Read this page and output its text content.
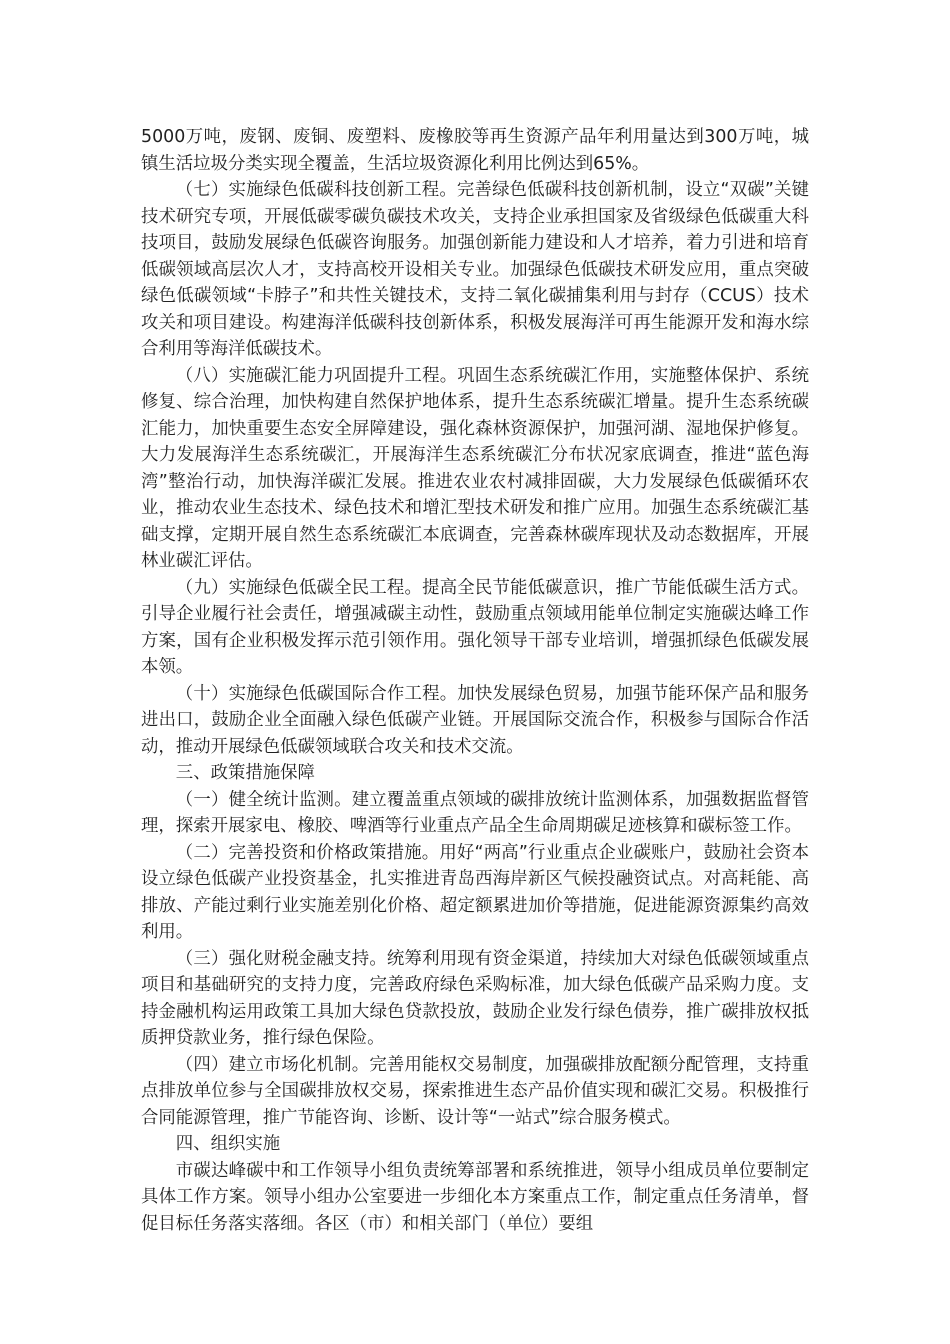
5000万吨，废钢、废铜、废塑料、废橡胶等再生资源产品年利用量达到300万吨，城镇生活垃圾分类实现全覆盖，生活垃圾资源化利用比例达到65%。

（七）实施绿色低碳科技创新工程。完善绿色低碳科技创新机制，设立“双碳”关键技术研究专项，开展低碳零碳负碳技术攻关，支持企业承担国家及省级绿色低碳重大科技项目，鼓励发展绿色低碳咨询服务。加强创新能力建设和人才培养，着力引进和培育低碳领域高层次人才，支持高校开设相关专业。加强绿色低碳技术研发应用，重点突破绿色低碳领域“卡脖子”和共性关键技术，支持二氧化碳捕集利用与封存（CCUS）技术攻关和项目建设。构建海洋低碳科技创新体系，积极发展海洋可再生能源开发和海水综合利用等海洋低碳技术。

（八）实施碳汇能力巩固提升工程。巩固生态系统碳汇作用，实施整体保护、系统修复、综合治理，加快构建自然保护地体系，提升生态系统碳汇增量。提升生态系统碳汇能力，加快重要生态安全屏障建设，强化森林资源保护，加强河湖、湿地保护修复。大力发展海洋生态系统碳汇，开展海洋生态系统碳汇分布状况家底调查，推进“蓝色海湾”整治行动，加快海洋碳汇发展。推进农业农村减排固碳，大力发展绿色低碳循环农业，推动农业生态技术、绿色技术和增汇型技术研发和推广应用。加强生态系统碳汇基础支撑，定期开展自然生态系统碳汇本底调查，完善森林碳库现状及动态数据库，开展林业碳汇评估。

（九）实施绿色低碳全民工程。提高全民节能低碳意识，推广节能低碳生活方式。引导企业履行社会责任，增强减碳主动性，鼓励重点领域用能单位制定实施碳达峰工作方案，国有企业积极发挥示范引领作用。强化领导干部专业培训，增强抓绿色低碳发展本领。

（十）实施绿色低碳国际合作工程。加快发展绿色贸易，加强节能环保产品和服务进出口，鼓励企业全面融入绿色低碳产业链。开展国际交流合作，积极参与国际合作活动，推动开展绿色低碳领域联合攻关和技术交流。

三、政策措施保障

（一）健全统计监测。建立覆盖重点领域的碳排放统计监测体系，加强数据监督管理，探索开展家电、橡胶、啤酒等行业重点产品全生命周期碳足迹核算和碳标签工作。

（二）完善投资和价格政策措施。用好“两高”行业重点企业碳账户，鼓励社会资本设立绿色低碳产业投资基金，扎实推进青岛西海岸新区气候投融资试点。对高耗能、高排放、产能过剩行业实施差别化价格、超定额累进加价等措施，促进能源资源集约高效利用。

（三）强化财税金融支持。统筹利用现有资金渠道，持续加大对绿色低碳领域重点项目和基础研究的支持力度，完善政府绿色采购标准，加大绿色低碳产品采购力度。支持金融机构运用政策工具加大绿色贷款投放，鼓励企业发行绿色债券，推广碳排放权抵质押贷款业务，推行绿色保险。

（四）建立市场化机制。完善用能权交易制度，加强碳排放配额分配管理，支持重点排放单位参与全国碳排放权交易，探索推进生态产品价值实现和碳汇交易。积极推行合同能源管理，推广节能咨询、诊断、设计等“一站式”综合服务模式。

四、组织实施

市碳达峰碳中和工作领导小组负责统筹部署和系统推进，领导小组成员单位要制定具体工作方案。领导小组办公室要进一步细化本方案重点工作，制定重点任务清单，督促目标任务落实落细。各区（市）和相关部门（单位）要组
